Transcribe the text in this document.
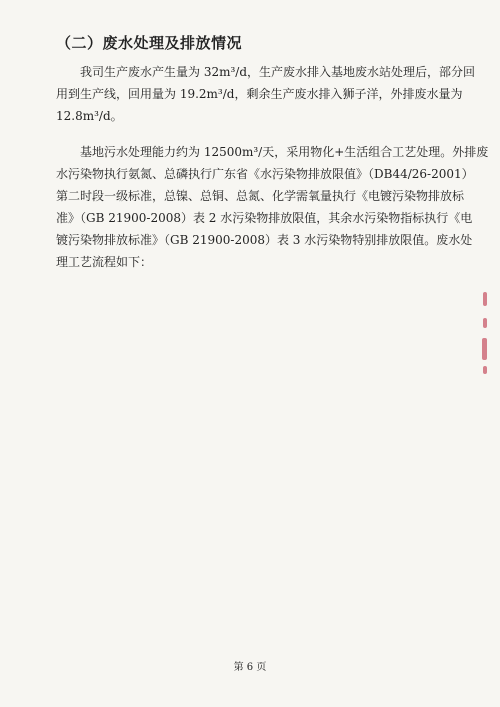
（二）废水处理及排放情况

我司生产废水产生量为 32m³/d，生产废水排入基地废水站处理后，部分回
用到生产线，回用量为 19.2m³/d，剩余生产废水排入狮子洋，外排废水量为
12.8m³/d。

基地污水处理能力约为 12500m³/天，采用物化+生活组合工艺处理。外排废
水污染物执行氨氮、总磷执行广东省《水污染物排放限值》（DB44/26-2001）
第二时段一级标准，总镍、总铜、总氮、化学需氧量执行《电镀污染物排放标
准》（GB 21900-2008）表 2 水污染物排放限值，其余水污染物指标执行《电
镀污染物排放标准》（GB 21900-2008）表 3 水污染物特别排放限值。废水处
理工艺流程如下：

第 6 页
